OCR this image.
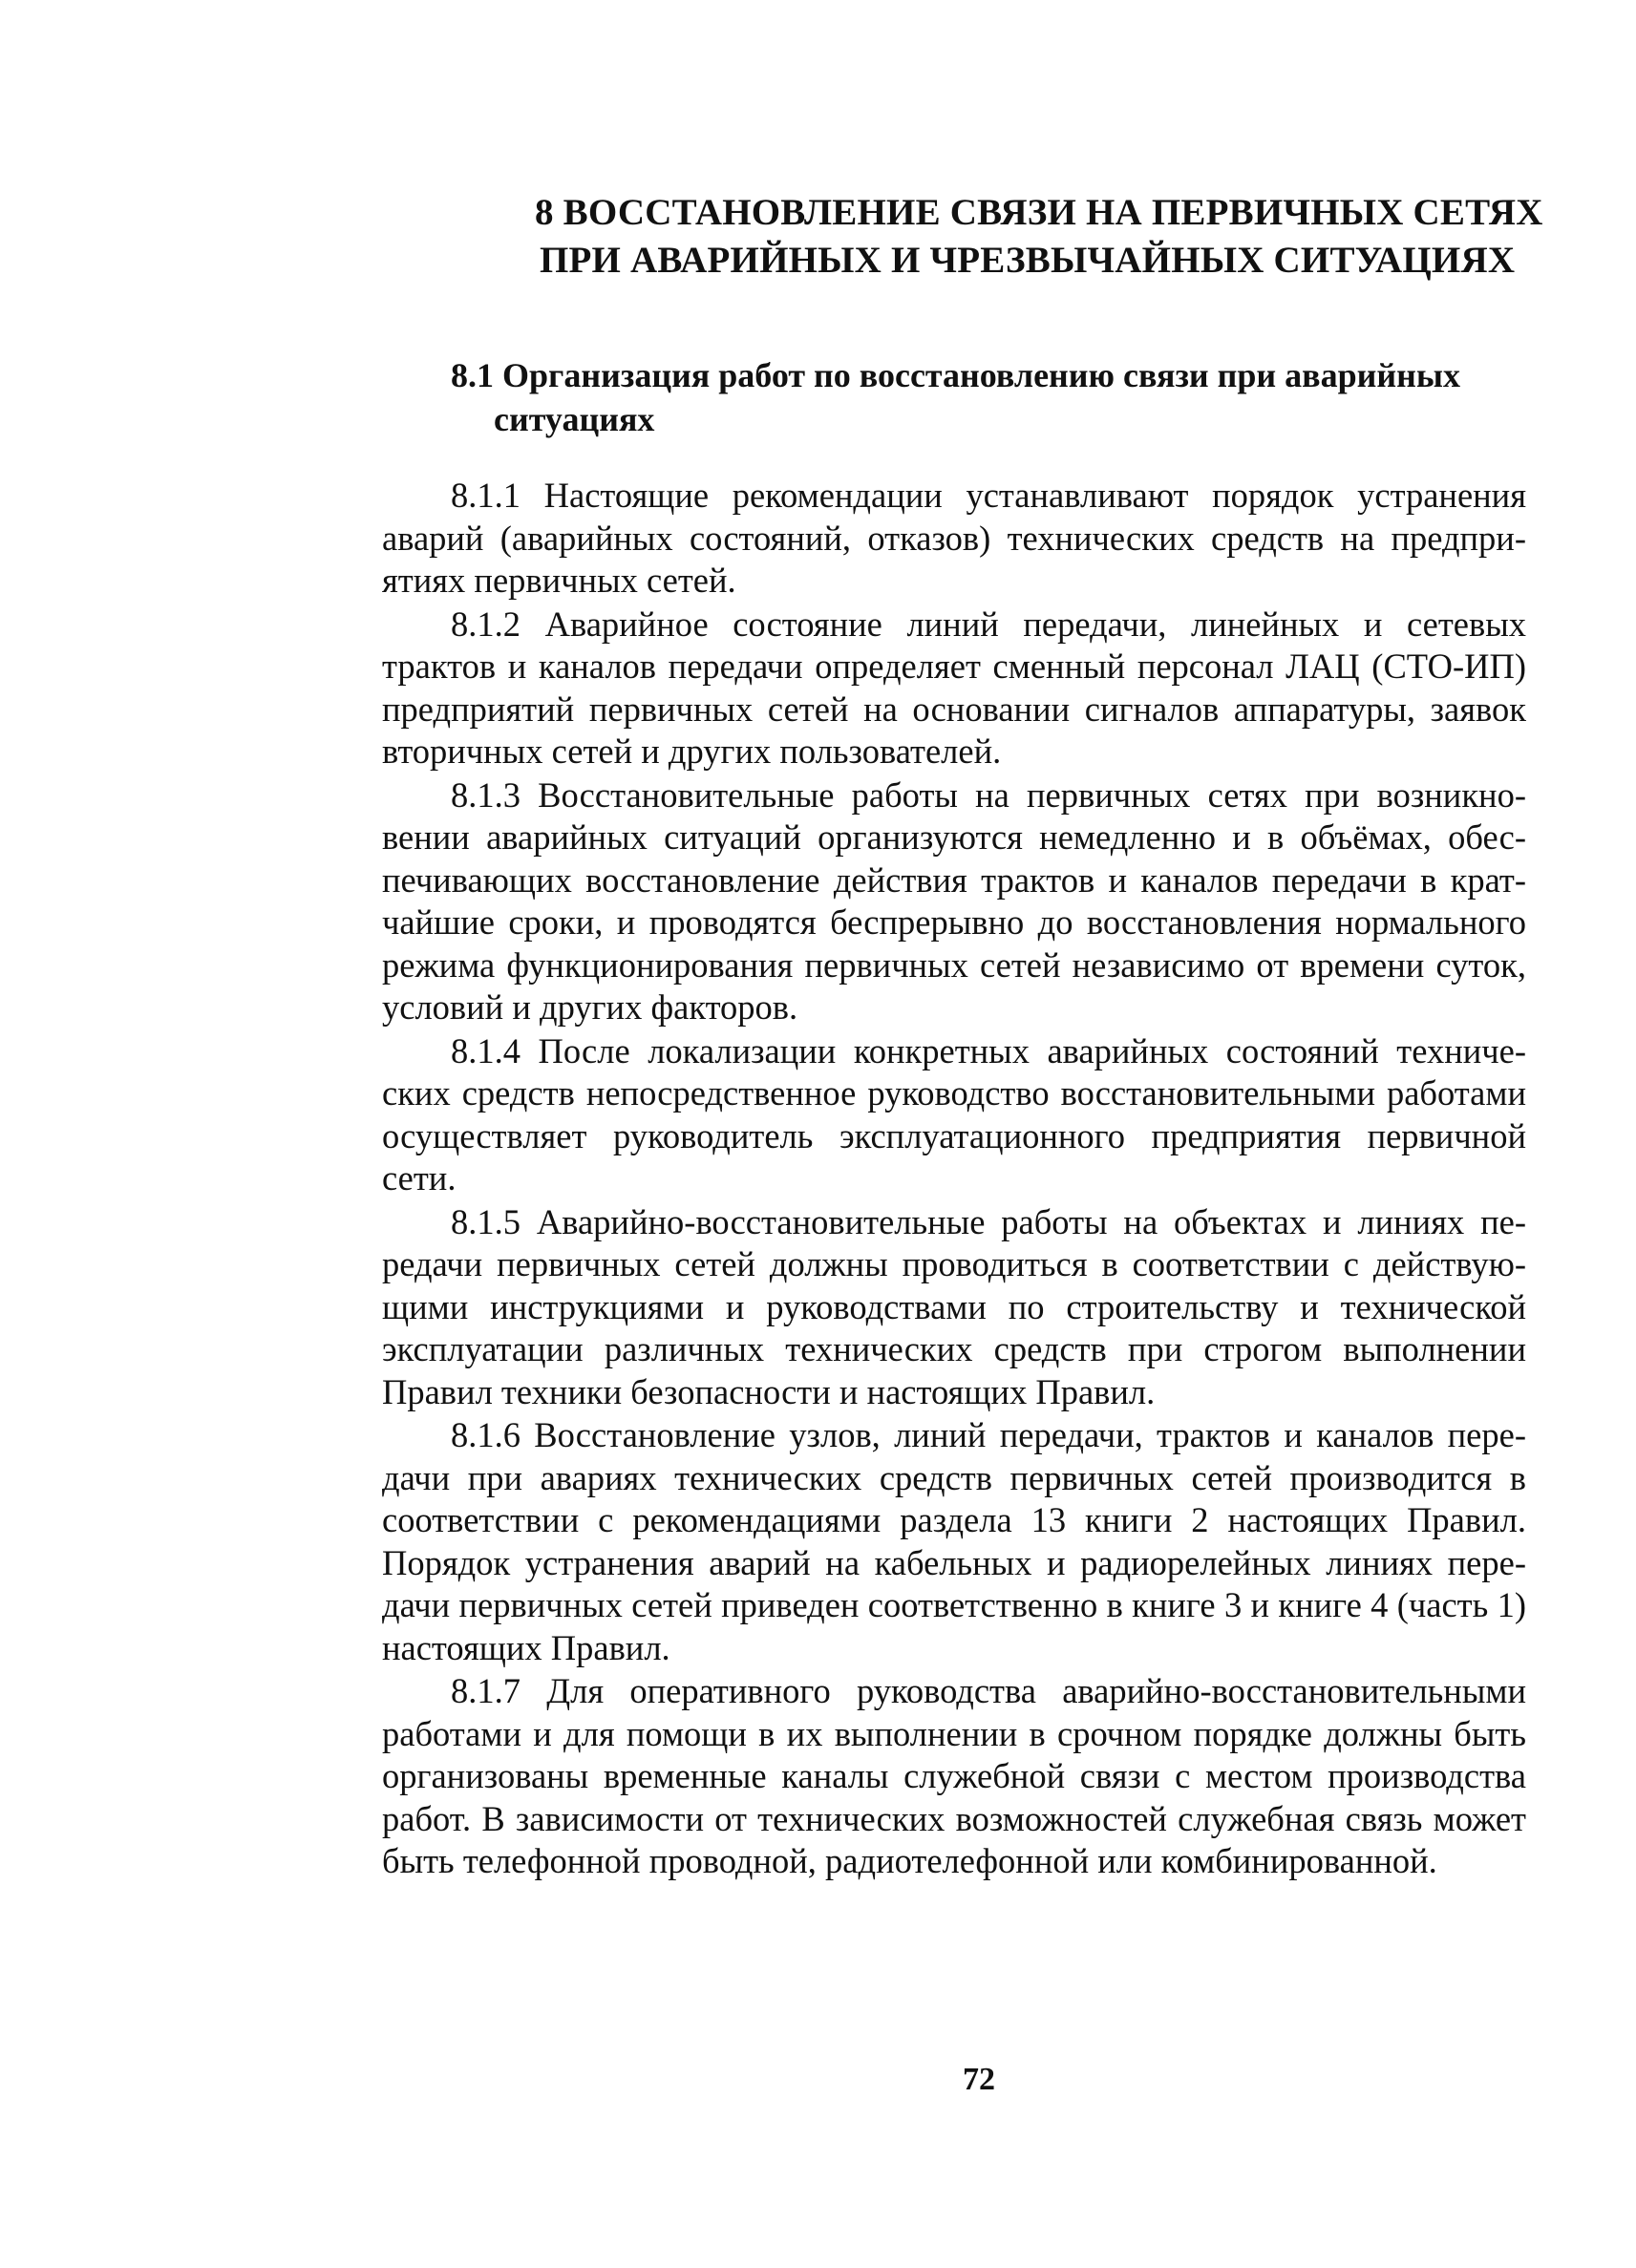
8 ВОССТАНОВЛЕНИЕ СВЯЗИ НА ПЕРВИЧНЫХ СЕТЯХ
ПРИ АВАРИЙНЫХ И ЧРЕЗВЫЧАЙНЫХ СИТУАЦИЯХ
8.1 Организация работ по восстановлению связи при аварийных
ситуациях

8.1.1 Настоящие рекомендации устанавливают порядок устранения аварий (аварийных состояний, отказов) технических средств на предприятиях первичных сетей.

8.1.2 Аварийное состояние линий передачи, линейных и сетевых трактов и каналов передачи определяет сменный персонал ЛАЦ (СТО-ИП) предприятий первичных сетей на основании сигналов аппаратуры, заявок вторичных сетей и других пользователей.

8.1.3 Восстановительные работы на первичных сетях при возникновении аварийных ситуаций организуются немедленно и в объёмах, обеспечивающих восстановление действия трактов и каналов передачи в кратчайшие сроки, и проводятся беспрерывно до восстановления нормального режима функционирования первичных сетей независимо от времени суток, условий и других факторов.

8.1.4 После локализации конкретных аварийных состояний технических средств непосредственное руководство восстановительными работами осуществляет руководитель эксплуатационного предприятия первичной сети.

8.1.5 Аварийно-восстановительные работы на объектах и линиях передачи первичных сетей должны проводиться в соответствии с действующими инструкциями и руководствами по строительству и технической эксплуатации различных технических средств при строгом выполнении Правил техники безопасности и настоящих Правил.

8.1.6 Восстановление узлов, линий передачи, трактов и каналов передачи при авариях технических средств первичных сетей производится в соответствии с рекомендациями раздела 13 книги 2 настоящих Правил. Порядок устранения аварий на кабельных и радиорелейных линиях передачи первичных сетей приведен соответственно в книге 3 и книге 4 (часть 1) настоящих Правил.

8.1.7 Для оперативного руководства аварийно-восстановительными работами и для помощи в их выполнении в срочном порядке должны быть организованы временные каналы служебной связи с местом производства работ. В зависимости от технических возможностей служебная связь может быть телефонной проводной, радиотелефонной или комбинированной.

72
